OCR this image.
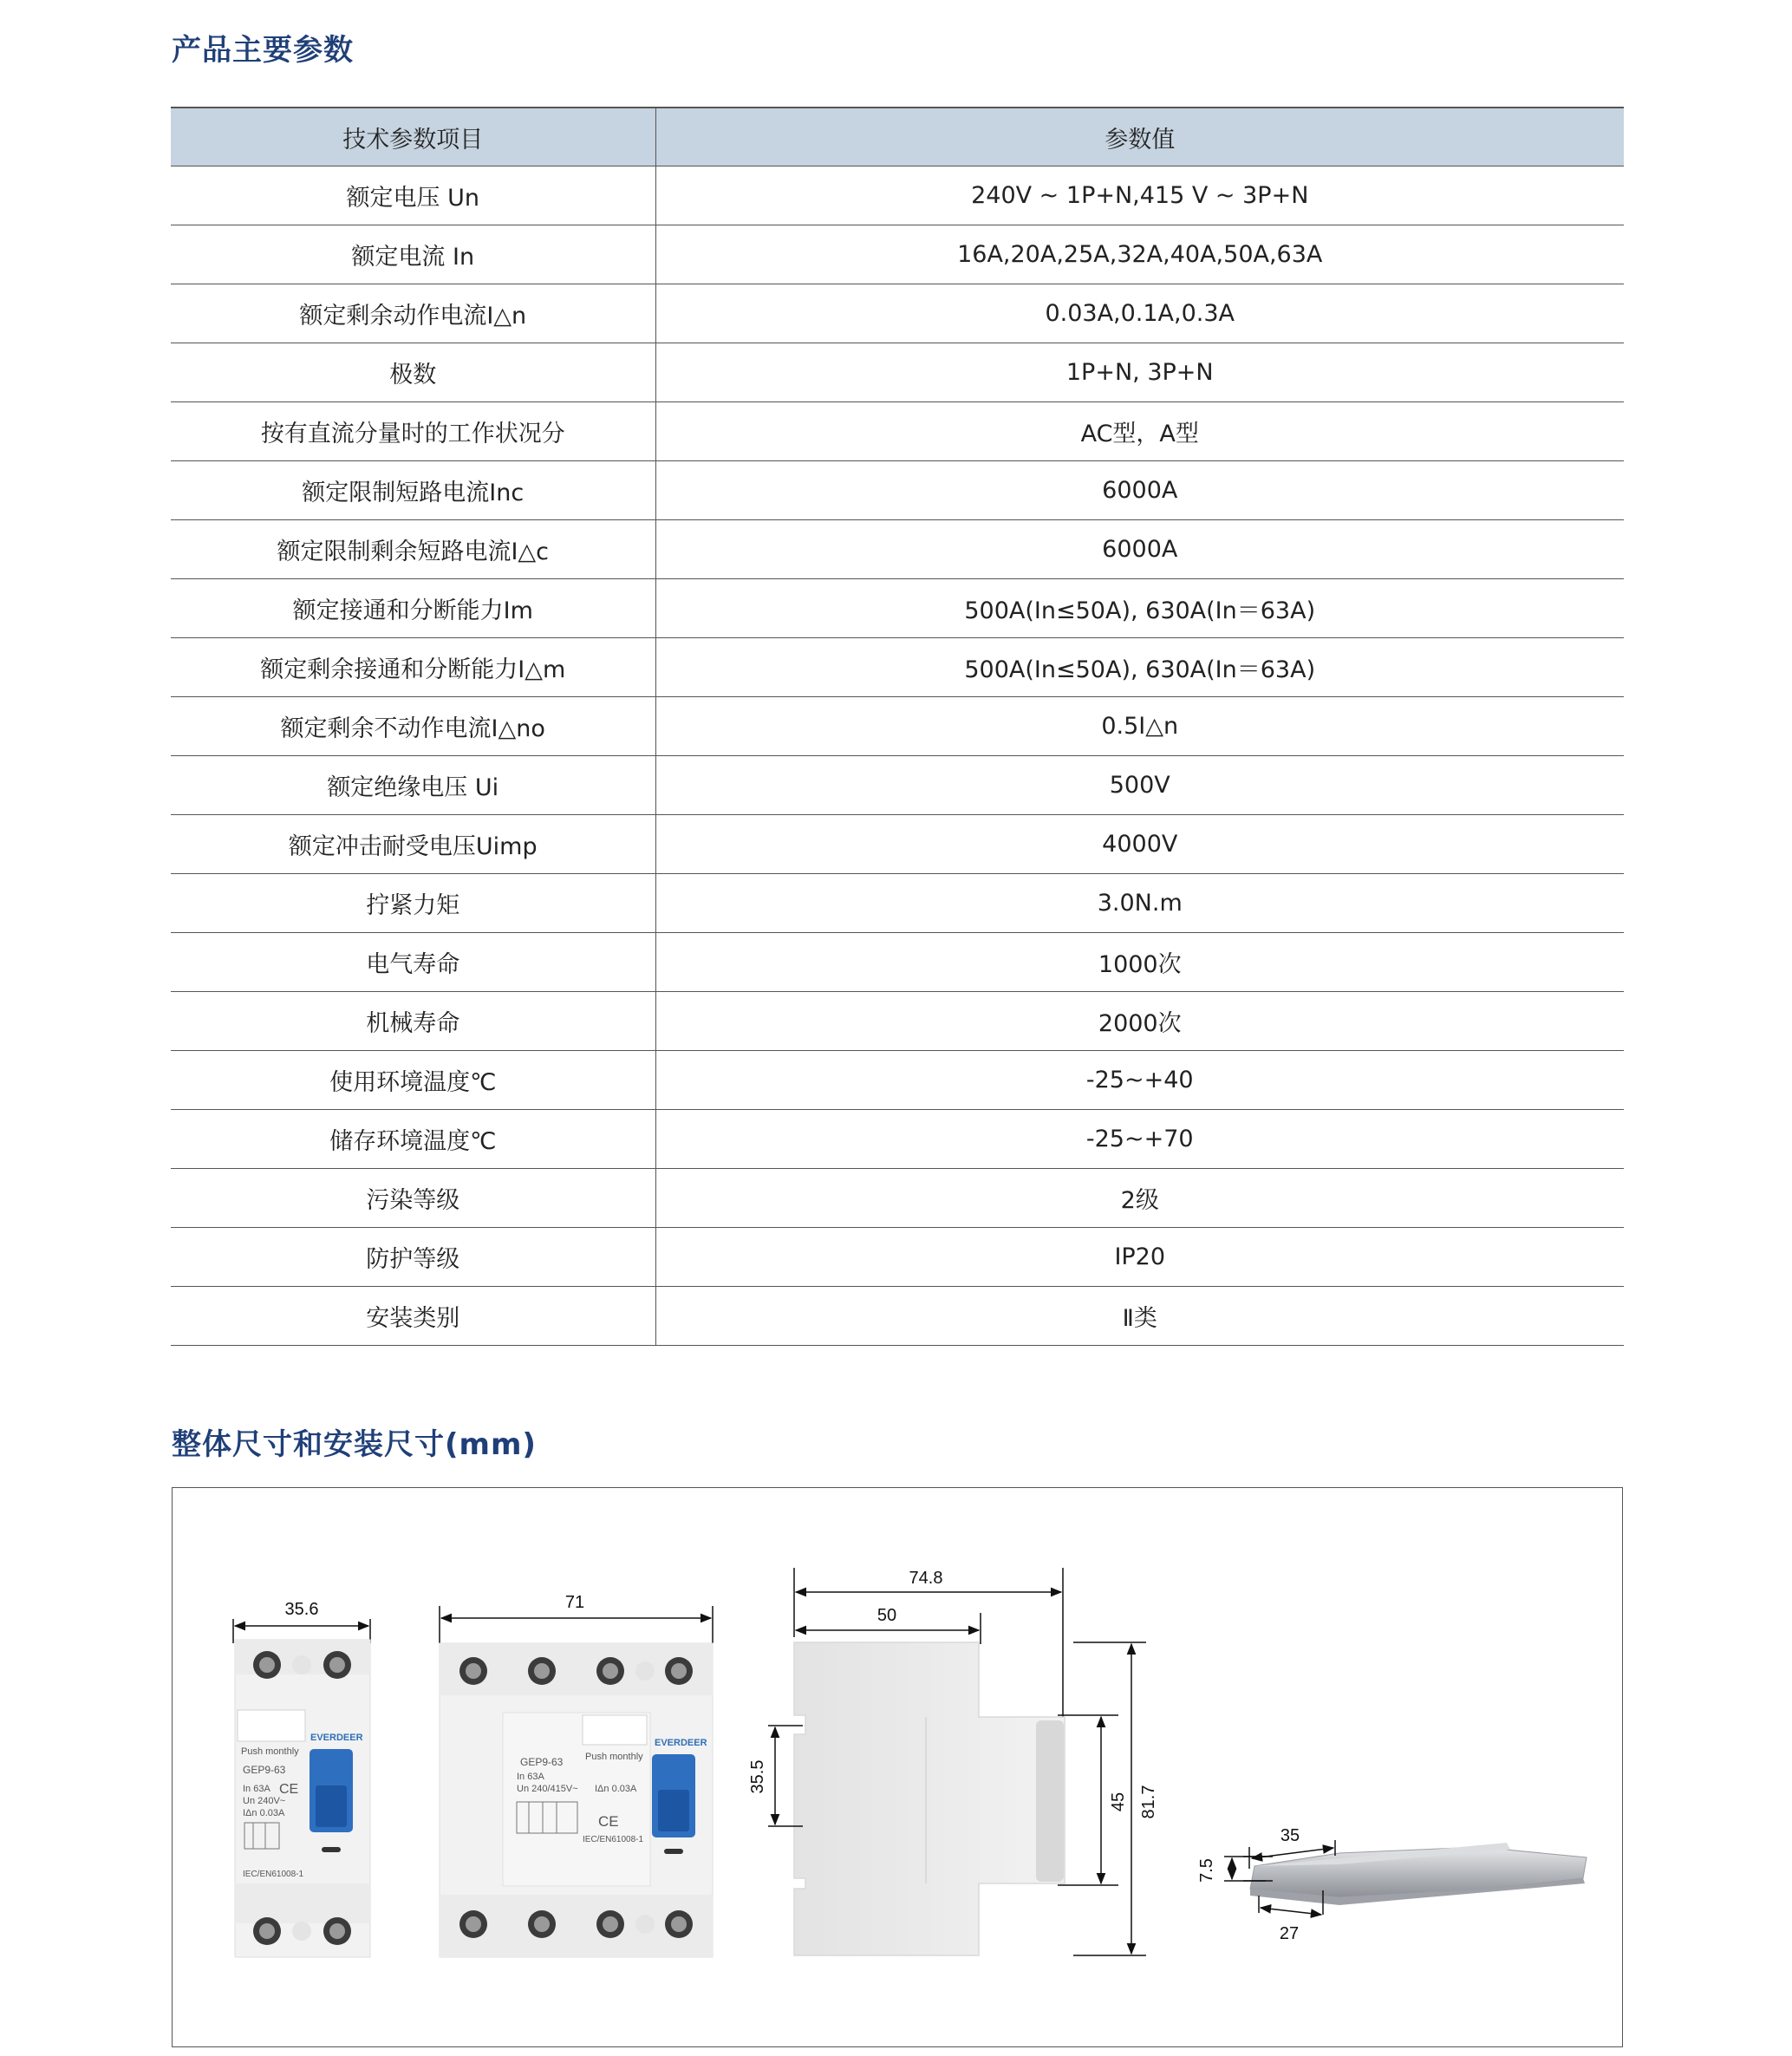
产品主要参数
技术参数项目	参数值
额定电压 Un	240V ~ 1P+N,415 V ~ 3P+N
额定电流 In	16A,20A,25A,32A,40A,50A,63A
额定剩余动作电流I△n	0.03A,0.1A,0.3A
极数	1P+N, 3P+N
按有直流分量时的工作状况分	AC型，A型
额定限制短路电流Inc	6000A
额定限制剩余短路电流I△c	6000A
额定接通和分断能力Im	500A(In≤50A), 630A(In＝63A)
额定剩余接通和分断能力I△m	500A(In≤50A), 630A(In＝63A)
额定剩余不动作电流I△no	0.5I△n
额定绝缘电压 Ui	500V
额定冲击耐受电压Uimp	4000V
拧紧力矩	3.0N.m
电气寿命	1000次
机械寿命	2000次
使用环境温度℃	-25~+40
储存环境温度℃	-25~+70
污染等级	2级
防护等级	IP20
安装类别	Ⅱ类
整体尺寸和安装尺寸(mm)
35.6
Push monthly
EVERDEER
GEP9-63
In 63A CE
Un 240V~
IΔn 0.03A
IEC/EN61008-1
71
Push monthly
EVERDEER
GEP9-63
In 63A
Un 240/415V~ IΔn 0.03A
CE
IEC/EN61008-1
74.8
50
35.5
45 81.7
7.5
35
27
